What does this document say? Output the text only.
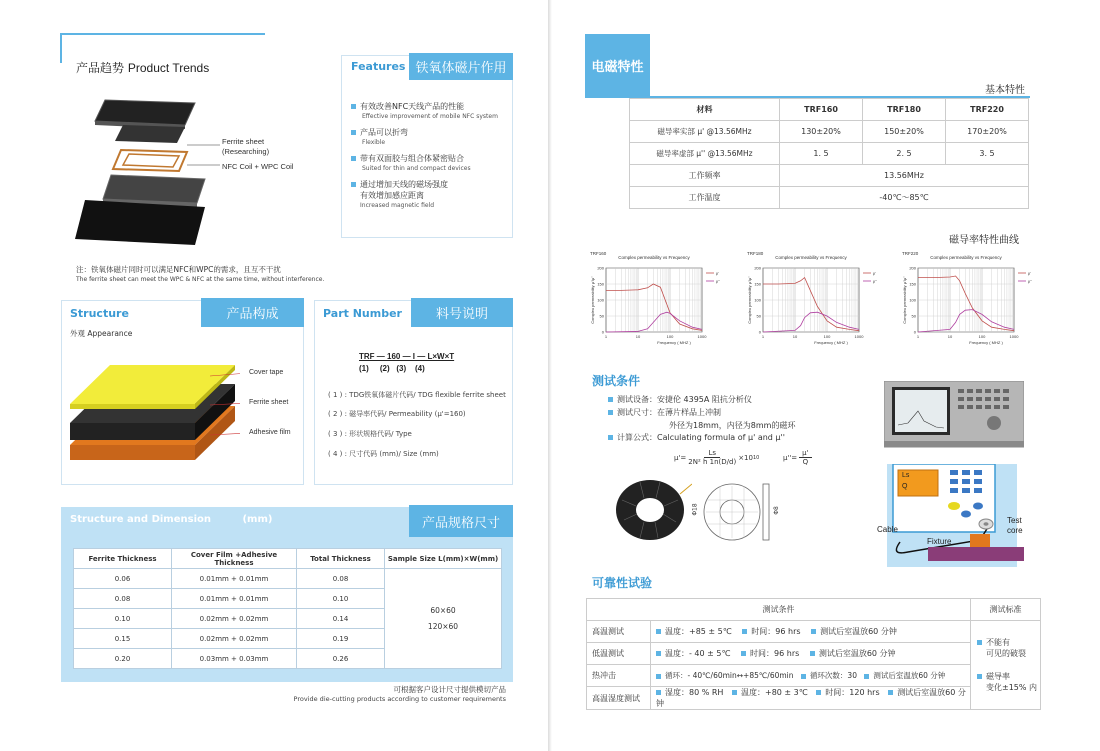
产品趋势 Product Trends
Ferrite sheet
(Researching)
NFC Coil + WPC Coil
注：铁氧体磁片同时可以满足NFC和WPC的需求，且互不干扰
The ferrite sheet can meet the WPC & NFC at the same time, without interference.
Features 铁氧体磁片作用
有效改善NFC天线产品的性能
Effective improvement of mobile NFC system
产品可以折弯
Flexible
带有双面胶与组合体紧密贴合
Suited for thin and compact devices
通过增加天线的磁场强度
有效增加感应距离
Increased magnetic field
Structure	产品构成
外观 Appearance
Cover tape
Ferrite sheet
Adhesive film
Part Number	料号说明
TRF — 160 — I — L×W×T
(1)     (2)   (3)    (4)
( 1 ) : TDG铁氧体磁片代码/ TDG flexible ferrite sheet
( 2 ) : 磁导率代码/ Permeability (μ'=160)
( 3 ) : 形状规格代码/ Type
( 4 ) : 尺寸代码 (mm)/ Size (mm)
Structure and Dimension	(mm)	产品规格尺寸
Ferrite Thickness	Cover Film +Adhesive Thickness	Total Thickness	Sample Size L(mm)×W(mm)
0.06	0.01mm + 0.01mm	0.08	60×60
120×60

0.08	0.01mm + 0.01mm	0.10	
0.10	0.02mm + 0.02mm	0.14	
0.15	0.02mm + 0.02mm	0.19	
0.20	0.03mm + 0.03mm	0.26	
可根据客户设计尺寸提供模切产品
Provide die-cutting products according to customer requirements
电磁特性
基本特性
材料	TRF160	TRF180	TRF220
磁导率实部 μ' @13.56MHz	130±20%	150±20%	170±20%
磁导率虚部 μ'' @13.56MHz	1. 5	2. 5	3. 5
工作频率	13.56MHz		
工作温度	-40℃～85℃		
磁导率特性曲线
TRF160
Complex permeability vs Frequency
0
50
100
150
200
1	10	100	1000
Frequency ( MHZ )
Complex permeability μ'/μ''
μ'
μ''
TRF180
Complex permeability vs Frequency
0
50
100
150
200
1	10	100	1000
Frequency ( MHZ )
Complex permeability μ'/μ''
μ'
μ''
TRF220
Complex permeability vs Frequency
0
50
100
150
200
1	10	100	1000
Frequency ( MHZ )
Complex permeability μ'/μ''
μ'
μ''
测试条件
测试设备：安捷伦 4395A 阻抗分析仪
测试尺寸：在薄片样品上冲制
外径为18mm，内径为8mm的磁环
计算公式：Calculating formula of μ' and μ''
$\mu'= \frac{Ls}{\text{2N² h 1n(D/d)}} \times 10$ 10	$\mu''= \frac{\mu'}{Q}$
Φ18	Φ8
Ls
Q
Cable
Fixture
Test
core
可靠性试验
测试条件		测试标准
高温测试	温度：+85 ± 5℃ 时间：96 hrs 测试后室温放60 分钟	不能有
可见的破裂
磁导率
变化±15% 内

低温测试	温度：- 40 ± 5℃ 时间：96 hrs 测试后室温放60 分钟	
热冲击	循环：- 40℃/60min↔+85℃/60min 循环次数：30 测试后室温放60 分钟	
高温湿度测试	湿度：80 % RH 温度：+80 ± 3℃ 时间：120 hrs 测试后室温放60 分钟	
